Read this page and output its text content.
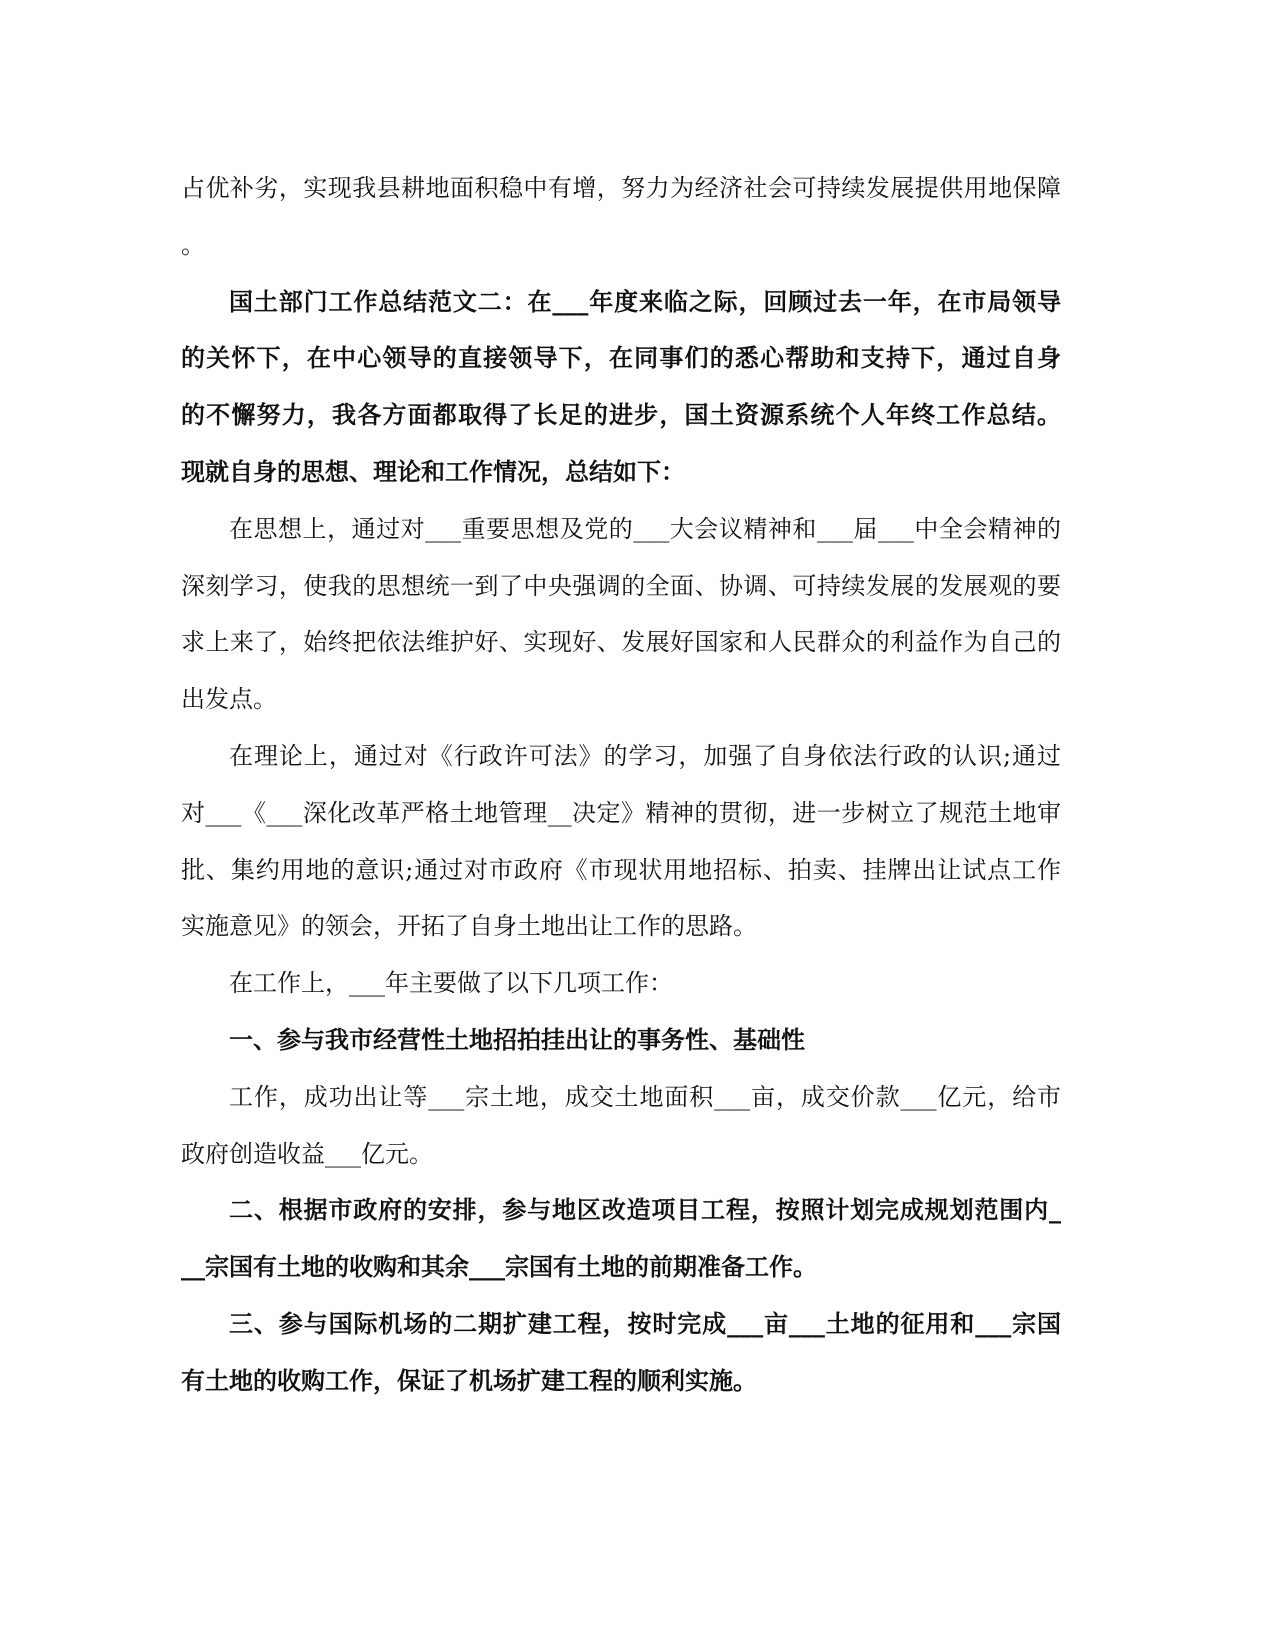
占优补劣，实现我县耕地面积稳中有增，努力为经济社会可持续发展提供用地保障
。
国土部门工作总结范文二：在___年度来临之际，回顾过去一年，在市局领导
的关怀下，在中心领导的直接领导下，在同事们的悉心帮助和支持下，通过自身
的不懈努力，我各方面都取得了长足的进步，国土资源系统个人年终工作总结。
现就自身的思想、理论和工作情况，总结如下：
在思想上，通过对___重要思想及党的___大会议精神和___届___中全会精神的
深刻学习，使我的思想统一到了中央强调的全面、协调、可持续发展的发展观的要
求上来了，始终把依法维护好、实现好、发展好国家和人民群众的利益作为自己的
出发点。
在理论上，通过对《行政许可法》的学习，加强了自身依法行政的认识;通过
对___《___深化改革严格土地管理__决定》精神的贯彻，进一步树立了规范土地审
批、集约用地的意识;通过对市政府《市现状用地招标、拍卖、挂牌出让试点工作
实施意见》的领会，开拓了自身土地出让工作的思路。
在工作上，___年主要做了以下几项工作：
一、参与我市经营性土地招拍挂出让的事务性、基础性
工作，成功出让等___宗土地，成交土地面积___亩，成交价款___亿元，给市
政府创造收益___亿元。
二、根据市政府的安排，参与地区改造项目工程，按照计划完成规划范围内_
__宗国有土地的收购和其余___宗国有土地的前期准备工作。
三、参与国际机场的二期扩建工程，按时完成___亩___土地的征用和___宗国
有土地的收购工作，保证了机场扩建工程的顺利实施。
